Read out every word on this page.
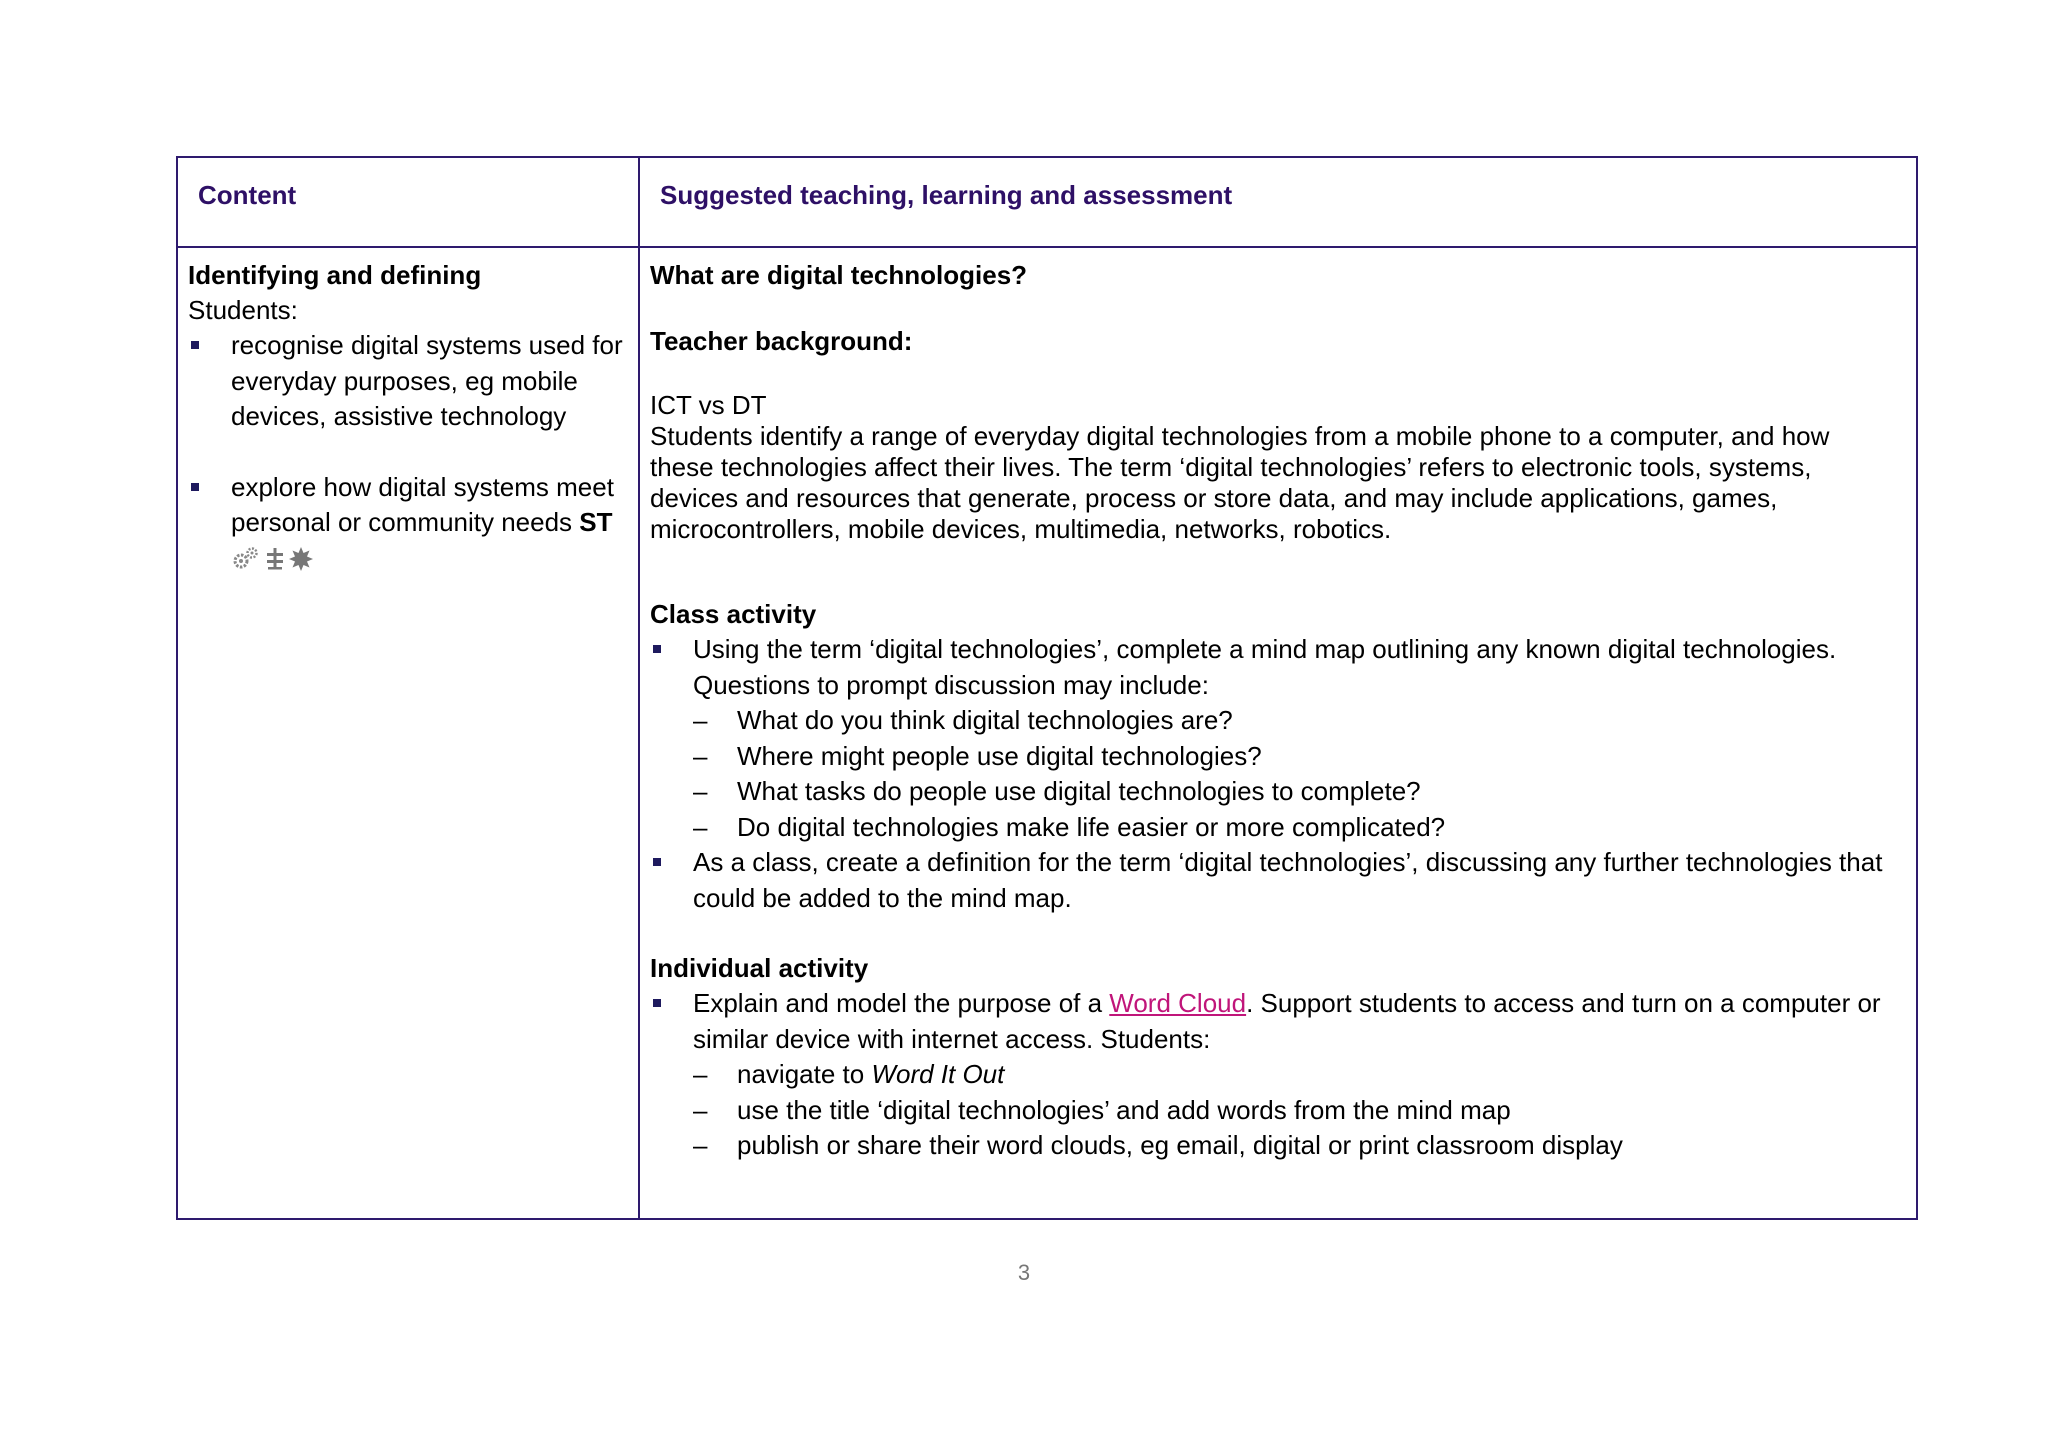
Content	Suggested teaching, learning and assessment
Identifying and defining
Students:
recognise digital systems used for everyday purposes, eg mobile devices, assistive technology
explore how digital systems meet personal or community needs ST
What are digital technologies?
Teacher background:
ICT vs DT
Students identify a range of everyday digital technologies from a mobile phone to a computer, and how these technologies affect their lives. The term ‘digital technologies’ refers to electronic tools, systems, devices and resources that generate, process or store data, and may include applications, games, microcontrollers, mobile devices, multimedia, networks, robotics.
Class activity
Using the term ‘digital technologies’, complete a mind map outlining any known digital technologies. Questions to prompt discussion may include:
– What do you think digital technologies are?
– Where might people use digital technologies?
– What tasks do people use digital technologies to complete?
– Do digital technologies make life easier or more complicated?
As a class, create a definition for the term ‘digital technologies’, discussing any further technologies that could be added to the mind map.
Individual activity
Explain and model the purpose of a Word Cloud. Support students to access and turn on a computer or similar device with internet access. Students:
– navigate to Word It Out
– use the title ‘digital technologies’ and add words from the mind map
– publish or share their word clouds, eg email, digital or print classroom display
3
